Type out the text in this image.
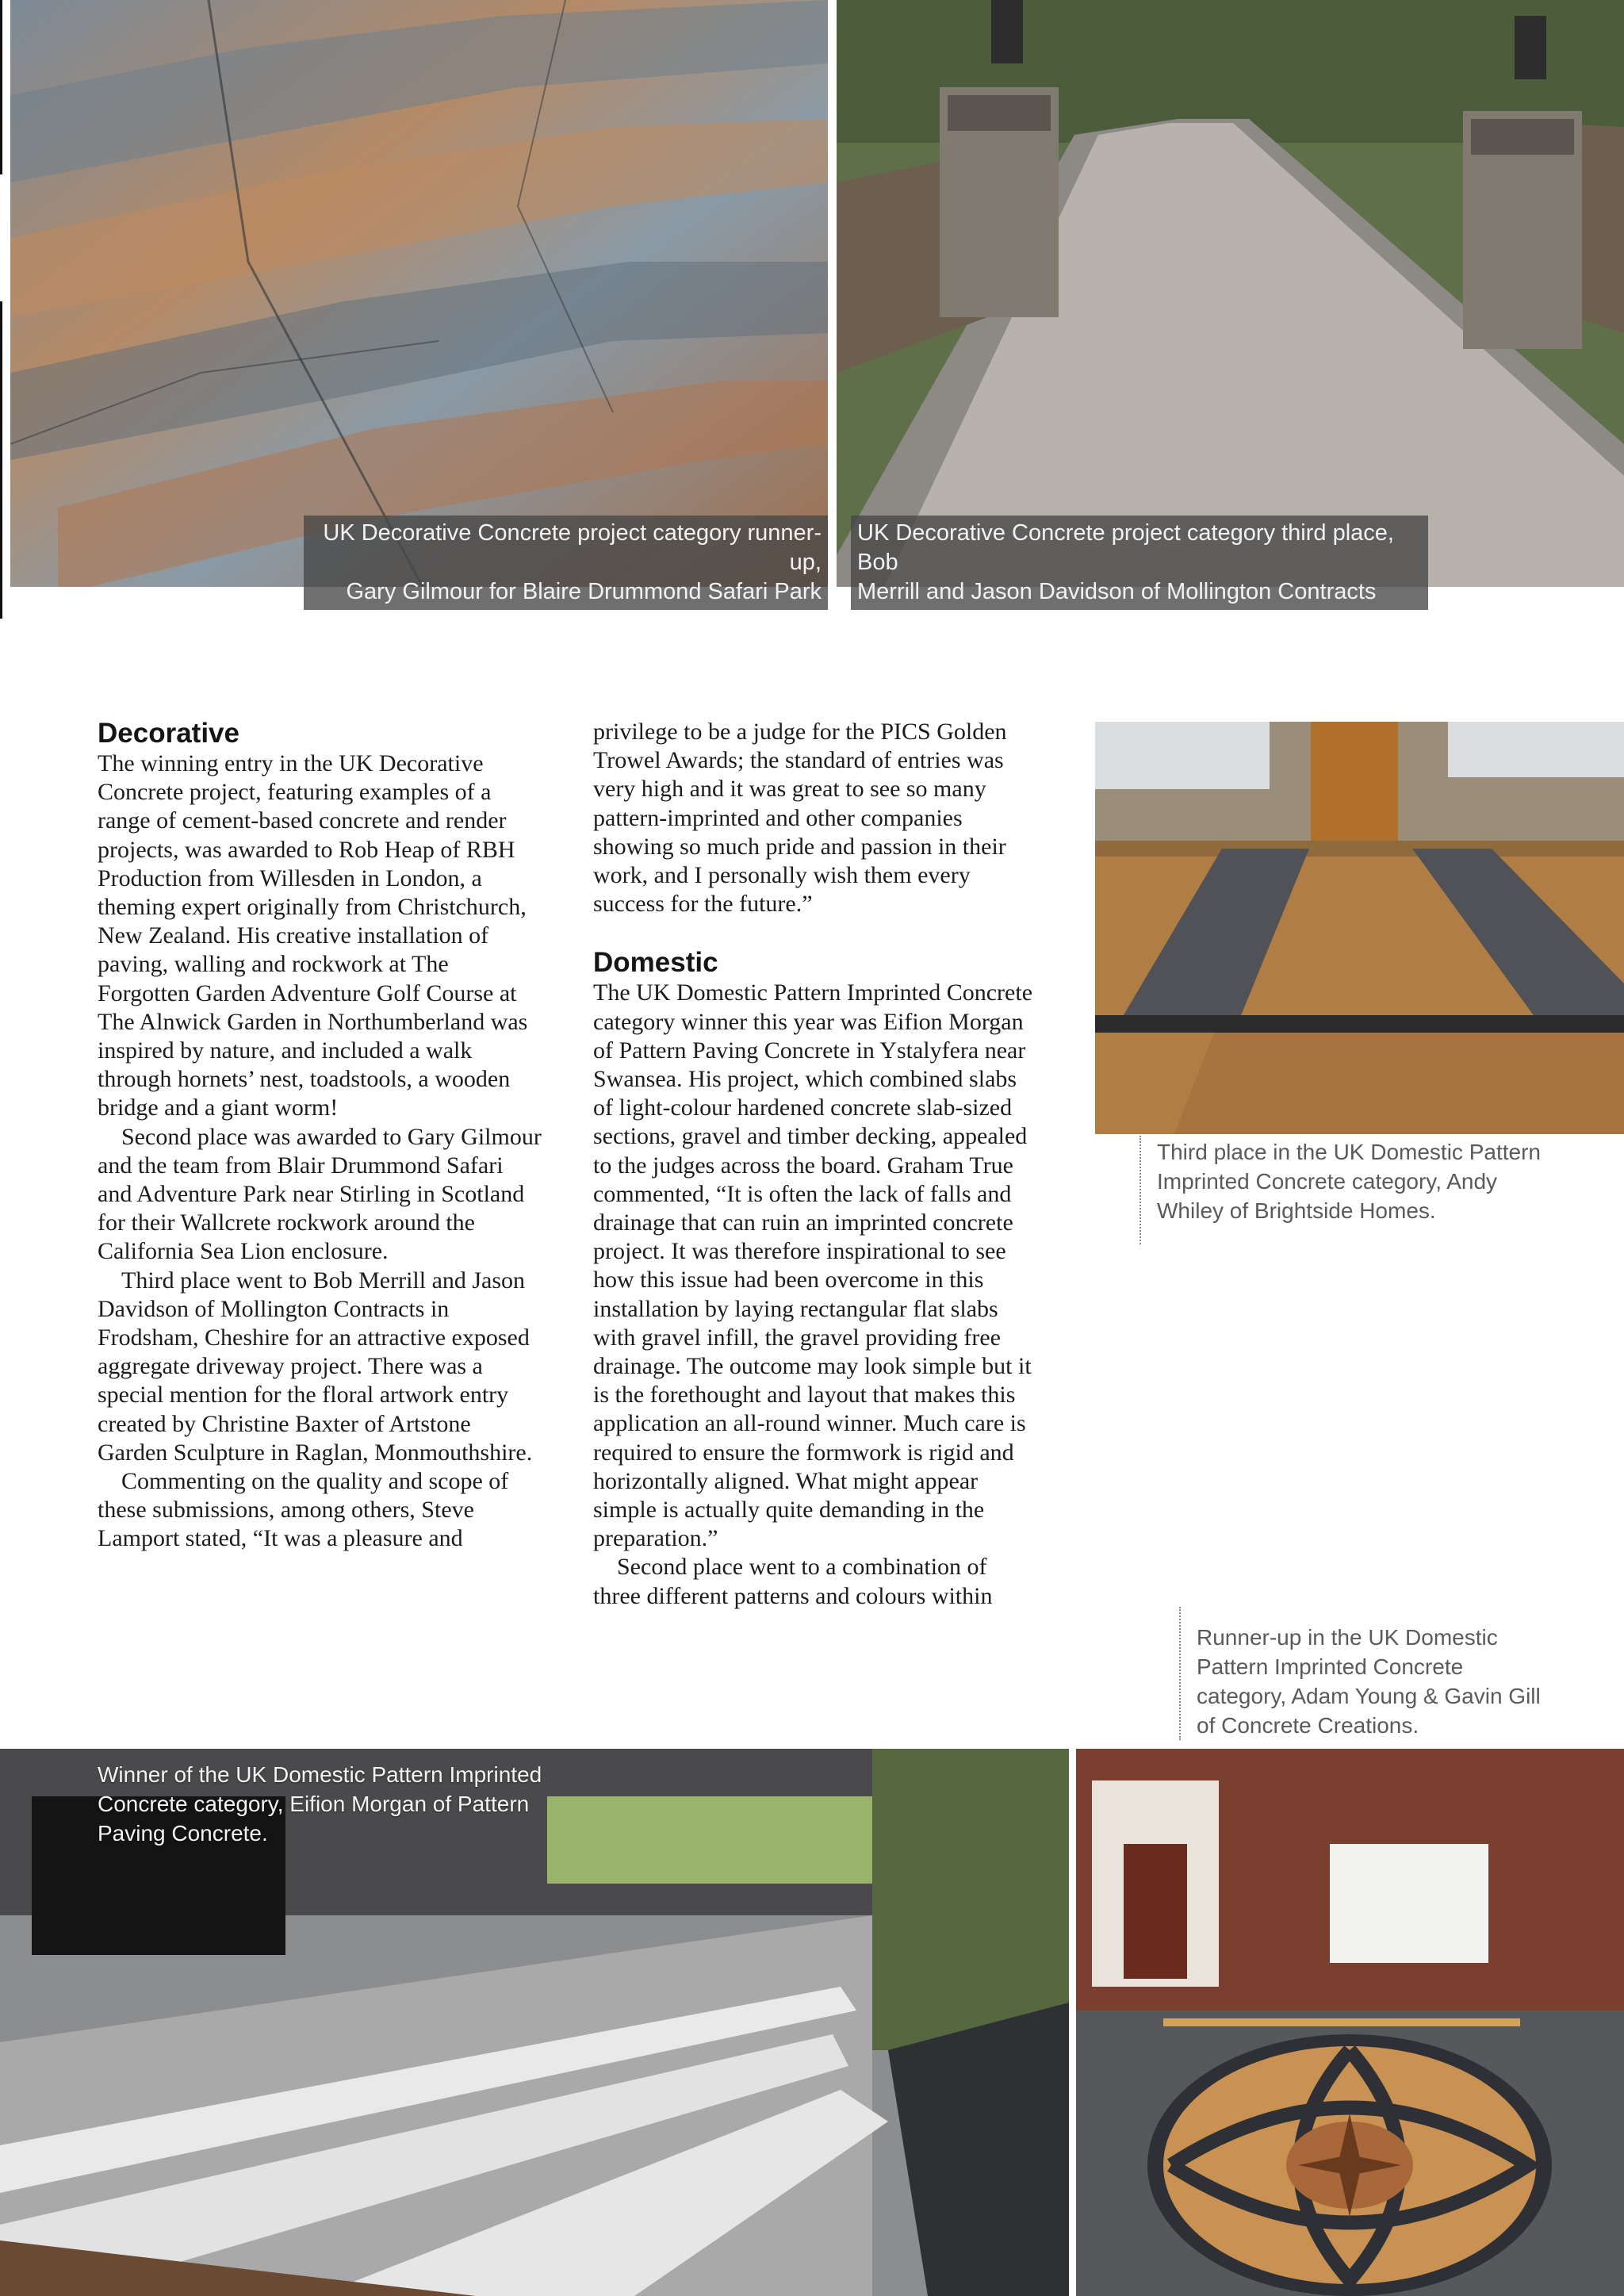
UK Decorative Concrete project category runner-up,
Gary Gilmour for Blaire Drummond Safari Park
UK Decorative Concrete project category third place, Bob
Merrill and Jason Davidson of Mollington Contracts
Decorative

The winning entry in the UK Decorative Concrete project, featuring examples of a range of cement-based concrete and render projects, was awarded to Rob Heap of RBH Production from Willesden in London, a theming expert originally from Christchurch, New Zealand. His creative installation of paving, walling and rockwork at The Forgotten Garden Adventure Golf Course at The Alnwick Garden in Northumberland was inspired by nature, and included a walk through hornets’ nest, toadstools, a wooden bridge and a giant worm!

Second place was awarded to Gary Gilmour and the team from Blair Drummond Safari and Adventure Park near Stirling in Scotland for their Wallcrete rockwork around the California Sea Lion enclosure.

Third place went to Bob Merrill and Jason Davidson of Mollington Contracts in Frodsham, Cheshire for an attractive exposed aggregate driveway project. There was a special mention for the floral artwork entry created by Christine Baxter of Artstone Garden Sculpture in Raglan, Monmouthshire.

Commenting on the quality and scope of these submissions, among others, Steve Lamport stated, “It was a pleasure and

privilege to be a judge for the PICS Golden Trowel Awards; the standard of entries was very high and it was great to see so many pattern-imprinted and other companies showing so much pride and passion in their work, and I personally wish them every success for the future.”

Domestic

The UK Domestic Pattern Imprinted Concrete category winner this year was Eifion Morgan of Pattern Paving Concrete in Ystalyfera near Swansea. His project, which combined slabs of light-colour hardened concrete slab-sized sections, gravel and timber decking, appealed to the judges across the board. Graham True commented, “It is often the lack of falls and drainage that can ruin an imprinted concrete project. It was therefore inspirational to see how this issue had been overcome in this installation by laying rectangular flat slabs with gravel infill, the gravel providing free drainage. The outcome may look simple but it is the forethought and layout that makes this application an all-round winner. Much care is required to ensure the formwork is rigid and horizontally aligned. What might appear simple is actually quite demanding in the preparation.”

Second place went to a combination of three different patterns and colours within

Third place in the UK Domestic Pattern
Imprinted Concrete category, Andy
Whiley of Brightside Homes.
Runner-up in the UK Domestic
Pattern Imprinted Concrete
category, Adam Young & Gavin Gill
of Concrete Creations.
Winner of the UK Domestic Pattern Imprinted
Concrete category, Eifion Morgan of Pattern
Paving Concrete.
